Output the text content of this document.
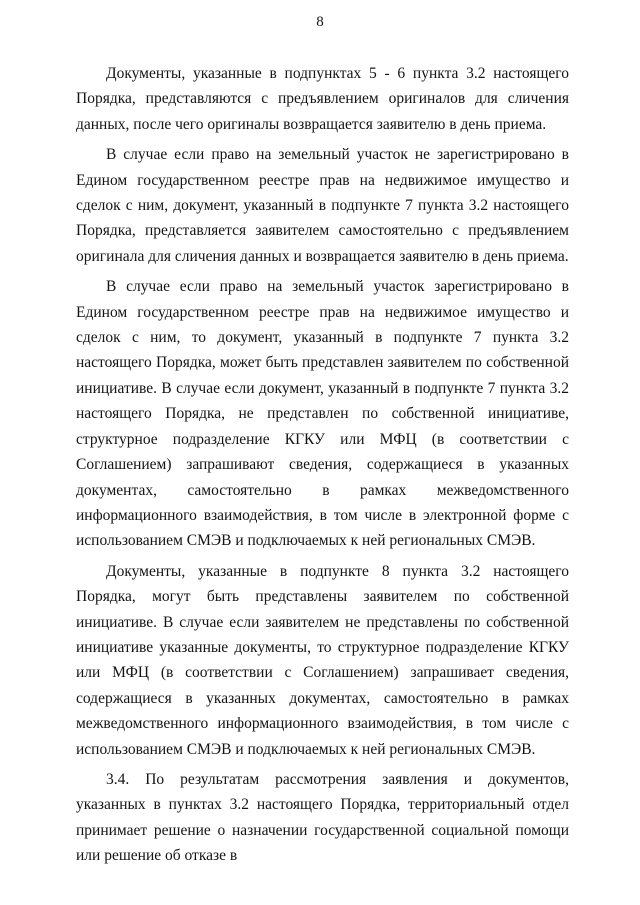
8

Документы, указанные в подпунктах 5 - 6 пункта 3.2 настоящего Порядка, представляются с предъявлением оригиналов для сличения данных, после чего оригиналы возвращается заявителю в день приема.

В случае если право на земельный участок не зарегистрировано в Едином государственном реестре прав на недвижимое имущество и сделок с ним, документ, указанный в подпункте 7 пункта 3.2 настоящего Порядка, представляется заявителем самостоятельно с предъявлением оригинала для сличения данных и возвращается заявителю в день приема.

В случае если право на земельный участок зарегистрировано в Едином государственном реестре прав на недвижимое имущество и сделок с ним, то документ, указанный в подпункте 7 пункта 3.2 настоящего Порядка, может быть представлен заявителем по собственной инициативе. В случае если документ, указанный в подпункте 7 пункта 3.2 настоящего Порядка, не представлен по собственной инициативе, структурное подразделение КГКУ или МФЦ (в соответствии с Соглашением) запрашивают сведения, содержащиеся в указанных документах, самостоятельно в рамках межведомственного информационного взаимодействия, в том числе в электронной форме с использованием СМЭВ и подключаемых к ней региональных СМЭВ.

Документы, указанные в подпункте 8 пункта 3.2 настоящего Порядка, могут быть представлены заявителем по собственной инициативе. В случае если заявителем не представлены по собственной инициативе указанные документы, то структурное подразделение КГКУ или МФЦ (в соответствии с Соглашением) запрашивает сведения, содержащиеся в указанных документах, самостоятельно в рамках межведомственного информационного взаимодействия, в том числе с использованием СМЭВ и подключаемых к ней региональных СМЭВ.

3.4. По результатам рассмотрения заявления и документов, указанных в пунктах 3.2 настоящего Порядка, территориальный отдел принимает решение о назначении государственной социальной помощи или решение об отказе в
